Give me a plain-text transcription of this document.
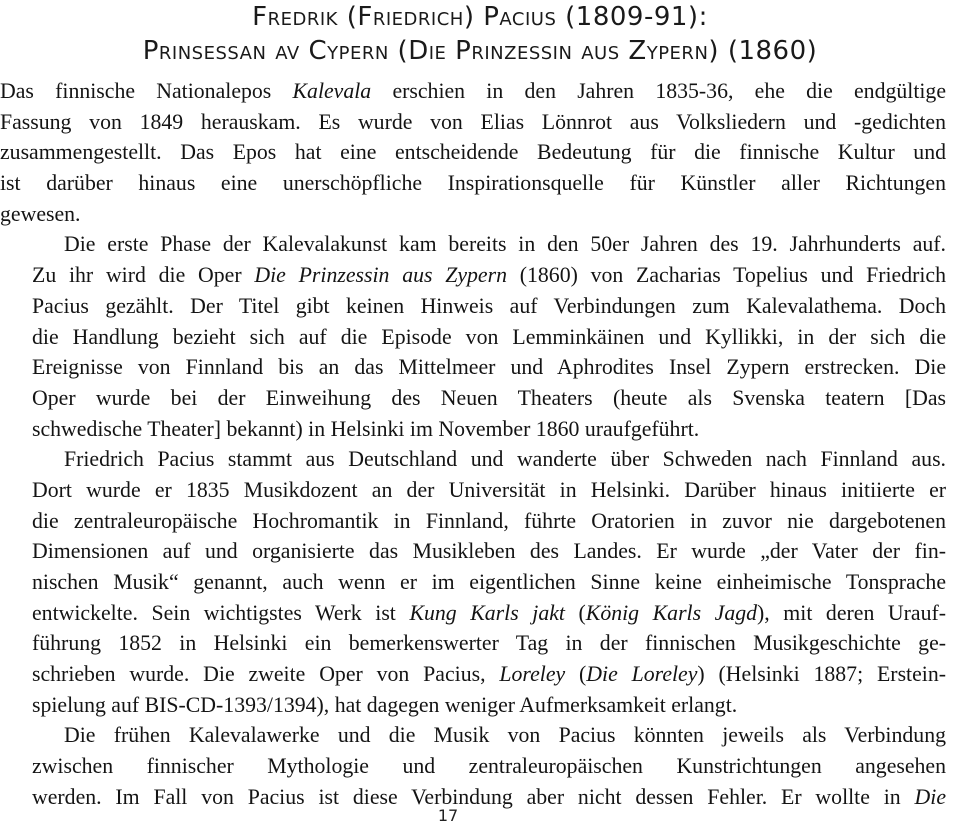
Fredrik (Friedrich) Pacius (1809-91):
Prinsessan av Cypern (Die Prinzessin aus Zypern) (1860)
Das finnische Nationalepos Kalevala erschien in den Jahren 1835-36, ehe die endgültige
Fassung von 1849 herauskam. Es wurde von Elias Lönnrot aus Volksliedern und -gedichten
zusammengestellt. Das Epos hat eine entscheidende Bedeutung für die finnische Kultur und
ist darüber hinaus eine unerschöpfliche Inspirationsquelle für Künstler aller Richtungen
gewesen.
Die erste Phase der Kalevalakunst kam bereits in den 50er Jahren des 19. Jahrhunderts auf.
Zu ihr wird die Oper Die Prinzessin aus Zypern (1860) von Zacharias Topelius und Friedrich
Pacius gezählt. Der Titel gibt keinen Hinweis auf Verbindungen zum Kalevalathema. Doch
die Handlung bezieht sich auf die Episode von Lemminkäinen und Kyllikki, in der sich die
Ereignisse von Finnland bis an das Mittelmeer und Aphrodites Insel Zypern erstrecken. Die
Oper wurde bei der Einweihung des Neuen Theaters (heute als Svenska teatern [Das
schwedische Theater] bekannt) in Helsinki im November 1860 uraufgeführt.
Friedrich Pacius stammt aus Deutschland und wanderte über Schweden nach Finnland aus.
Dort wurde er 1835 Musikdozent an der Universität in Helsinki. Darüber hinaus initiierte er
die zentraleuropäische Hochromantik in Finnland, führte Oratorien in zuvor nie dargebotenen
Dimensionen auf und organisierte das Musikleben des Landes. Er wurde „der Vater der fin-
nischen Musik“ genannt, auch wenn er im eigentlichen Sinne keine einheimische Tonsprache
entwickelte. Sein wichtigstes Werk ist Kung Karls jakt (König Karls Jagd), mit deren Urauf-
führung 1852 in Helsinki ein bemerkenswerter Tag in der finnischen Musikgeschichte ge-
schrieben wurde. Die zweite Oper von Pacius, Loreley (Die Loreley) (Helsinki 1887; Erstein-
spielung auf BIS-CD-1393/1394), hat dagegen weniger Aufmerksamkeit erlangt.
Die frühen Kalevalawerke und die Musik von Pacius könnten jeweils als Verbindung
zwischen finnischer Mythologie und zentraleuropäischen Kunstrichtungen angesehen
werden. Im Fall von Pacius ist diese Verbindung aber nicht dessen Fehler. Er wollte in Die
17
